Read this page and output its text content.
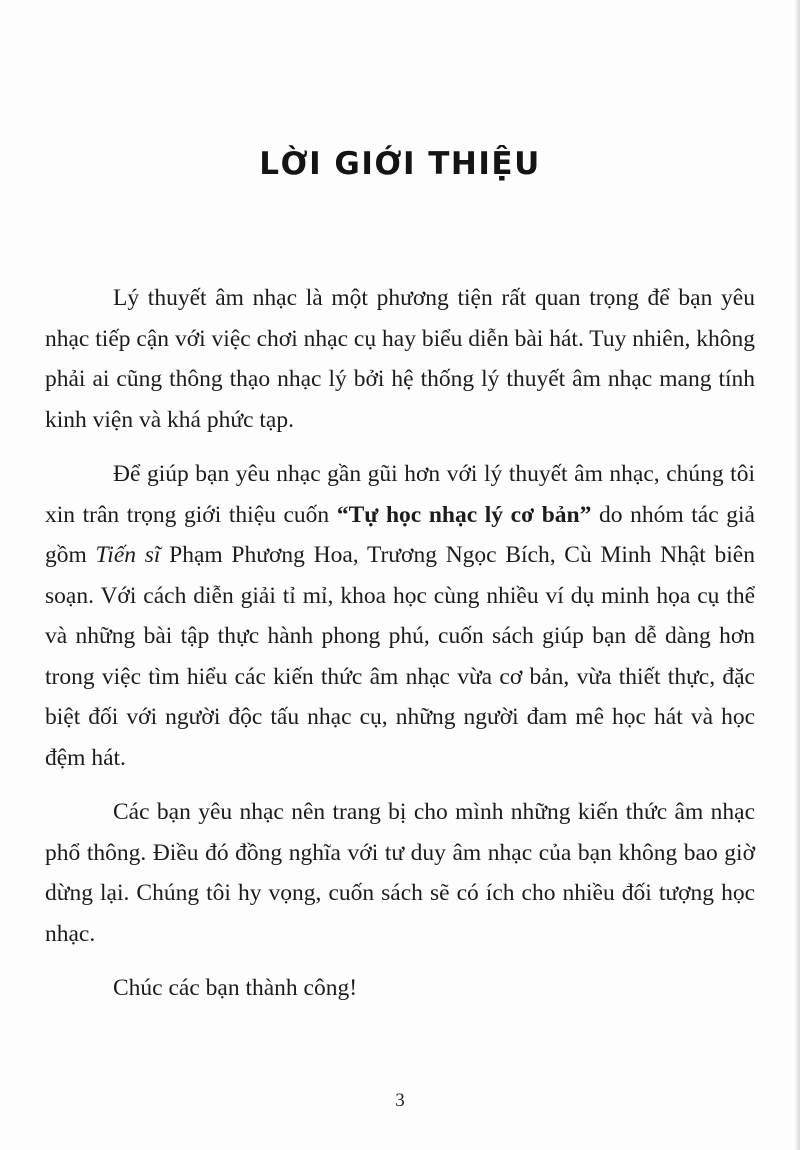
LỜI GIỚI THIỆU

Lý thuyết âm nhạc là một phương tiện rất quan trọng để bạn yêu nhạc tiếp cận với việc chơi nhạc cụ hay biểu diễn bài hát. Tuy nhiên, không phải ai cũng thông thạo nhạc lý bởi hệ thống lý thuyết âm nhạc mang tính kinh viện và khá phức tạp.

Để giúp bạn yêu nhạc gần gũi hơn với lý thuyết âm nhạc, chúng tôi xin trân trọng giới thiệu cuốn “Tự học nhạc lý cơ bản” do nhóm tác giả gồm Tiến sĩ Phạm Phương Hoa, Trương Ngọc Bích, Cù Minh Nhật biên soạn. Với cách diễn giải tỉ mỉ, khoa học cùng nhiều ví dụ minh họa cụ thể và những bài tập thực hành phong phú, cuốn sách giúp bạn dễ dàng hơn trong việc tìm hiểu các kiến thức âm nhạc vừa cơ bản, vừa thiết thực, đặc biệt đối với người độc tấu nhạc cụ, những người đam mê học hát và học đệm hát.

Các bạn yêu nhạc nên trang bị cho mình những kiến thức âm nhạc phổ thông. Điều đó đồng nghĩa với tư duy âm nhạc của bạn không bao giờ dừng lại. Chúng tôi hy vọng, cuốn sách sẽ có ích cho nhiều đối tượng học nhạc.

Chúc các bạn thành công!

3
